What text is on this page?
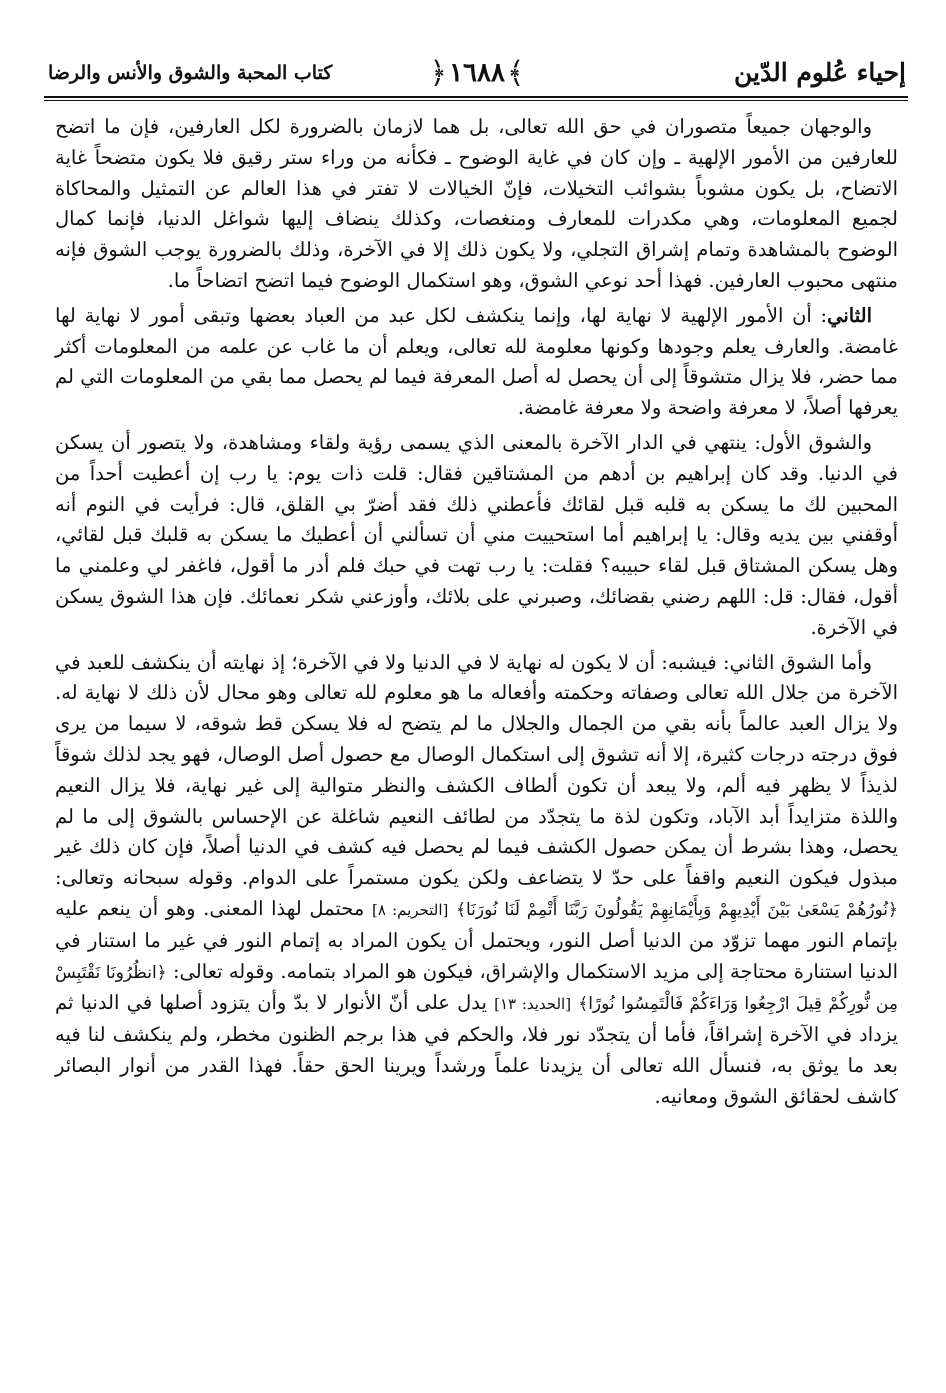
إحياء عُلوم الدّين
﴾١٦٨٨﴿
كتاب المحبة والشوق والأنس والرضا

والوجهان جميعاً متصوران في حق الله تعالى، بل هما لازمان بالضرورة لكل العارفين، فإن ما اتضح للعارفين من الأمور الإلهية ـ وإن كان في غاية الوضوح ـ فكأنه من وراء ستر رقيق فلا يكون متضحاً غاية الاتضاح، بل يكون مشوباً بشوائب التخيلات، فإنّ الخيالات لا تفتر في هذا العالم عن التمثيل والمحاكاة لجميع المعلومات، وهي مكدرات للمعارف ومنغصات، وكذلك ينضاف إليها شواغل الدنيا، فإنما كمال الوضوح بالمشاهدة وتمام إشراق التجلي، ولا يكون ذلك إلا في الآخرة، وذلك بالضرورة يوجب الشوق فإنه منتهى محبوب العارفين. فهذا أحد نوعي الشوق، وهو استكمال الوضوح فيما اتضح اتضاحاً ما.

الثاني: أن الأمور الإلهية لا نهاية لها، وإنما ينكشف لكل عبد من العباد بعضها وتبقى أمور لا نهاية لها غامضة. والعارف يعلم وجودها وكونها معلومة لله تعالى، ويعلم أن ما غاب عن علمه من المعلومات أكثر مما حضر، فلا يزال متشوقاً إلى أن يحصل له أصل المعرفة فيما لم يحصل مما بقي من المعلومات التي لم يعرفها أصلاً، لا معرفة واضحة ولا معرفة غامضة.

والشوق الأول: ينتهي في الدار الآخرة بالمعنى الذي يسمى رؤية ولقاء ومشاهدة، ولا يتصور أن يسكن في الدنيا. وقد كان إبراهيم بن أدهم من المشتاقين فقال: قلت ذات يوم: يا رب إن أعطيت أحداً من المحبين لك ما يسكن به قلبه قبل لقائك فأعطني ذلك فقد أضرّ بي القلق، قال: فرأيت في النوم أنه أوقفني بين يديه وقال: يا إبراهيم أما استحييت مني أن تسألني أن أعطيك ما يسكن به قلبك قبل لقائي، وهل يسكن المشتاق قبل لقاء حبيبه؟ فقلت: يا رب تهت في حبك فلم أدر ما أقول، فاغفر لي وعلمني ما أقول، فقال: قل: اللهم رضني بقضائك، وصبرني على بلائك، وأوزعني شكر نعمائك. فإن هذا الشوق يسكن في الآخرة.

وأما الشوق الثاني: فيشبه: أن لا يكون له نهاية لا في الدنيا ولا في الآخرة؛ إذ نهايته أن ينكشف للعبد في الآخرة من جلال الله تعالى وصفاته وحكمته وأفعاله ما هو معلوم لله تعالى وهو محال لأن ذلك لا نهاية له. ولا يزال العبد عالماً بأنه بقي من الجمال والجلال ما لم يتضح له فلا يسكن قط شوقه، لا سيما من يرى فوق درجته درجات كثيرة، إلا أنه تشوق إلى استكمال الوصال مع حصول أصل الوصال، فهو يجد لذلك شوقاً لذيذاً لا يظهر فيه ألم، ولا يبعد أن تكون ألطاف الكشف والنظر متوالية إلى غير نهاية، فلا يزال النعيم واللذة متزايداً أبد الآباد، وتكون لذة ما يتجدّد من لطائف النعيم شاغلة عن الإحساس بالشوق إلى ما لم يحصل، وهذا بشرط أن يمكن حصول الكشف فيما لم يحصل فيه كشف في الدنيا أصلاً، فإن كان ذلك غير مبذول فيكون النعيم واقفاً على حدّ لا يتضاعف ولكن يكون مستمراً على الدوام. وقوله سبحانه وتعالى: ﴿نُورُهُمْ يَسْعَىٰ بَيْنَ أَيْدِيهِمْ وَبِأَيْمَانِهِمْ يَقُولُونَ رَبَّنَا أَتْمِمْ لَنَا نُورَنَا﴾ [التحريم: ٨] محتمل لهذا المعنى. وهو أن ينعم عليه بإتمام النور مهما تزوّد من الدنيا أصل النور، ويحتمل أن يكون المراد به إتمام النور في غير ما استنار في الدنيا استنارة محتاجة إلى مزيد الاستكمال والإشراق، فيكون هو المراد بتمامه. وقوله تعالى: ﴿انظُرُونَا نَقْتَبِسْ مِن نُّورِكُمْ قِيلَ ارْجِعُوا وَرَاءَكُمْ فَالْتَمِسُوا نُورًا﴾ [الحديد: ١٣] يدل على أنّ الأنوار لا بدّ وأن يتزود أصلها في الدنيا ثم يزداد في الآخرة إشراقاً، فأما أن يتجدّد نور فلا، والحكم في هذا برجم الظنون مخطر، ولم ينكشف لنا فيه بعد ما يوثق به، فنسأل الله تعالى أن يزيدنا علماً ورشداً ويرينا الحق حقاً. فهذا القدر من أنوار البصائر كاشف لحقائق الشوق ومعانيه.
